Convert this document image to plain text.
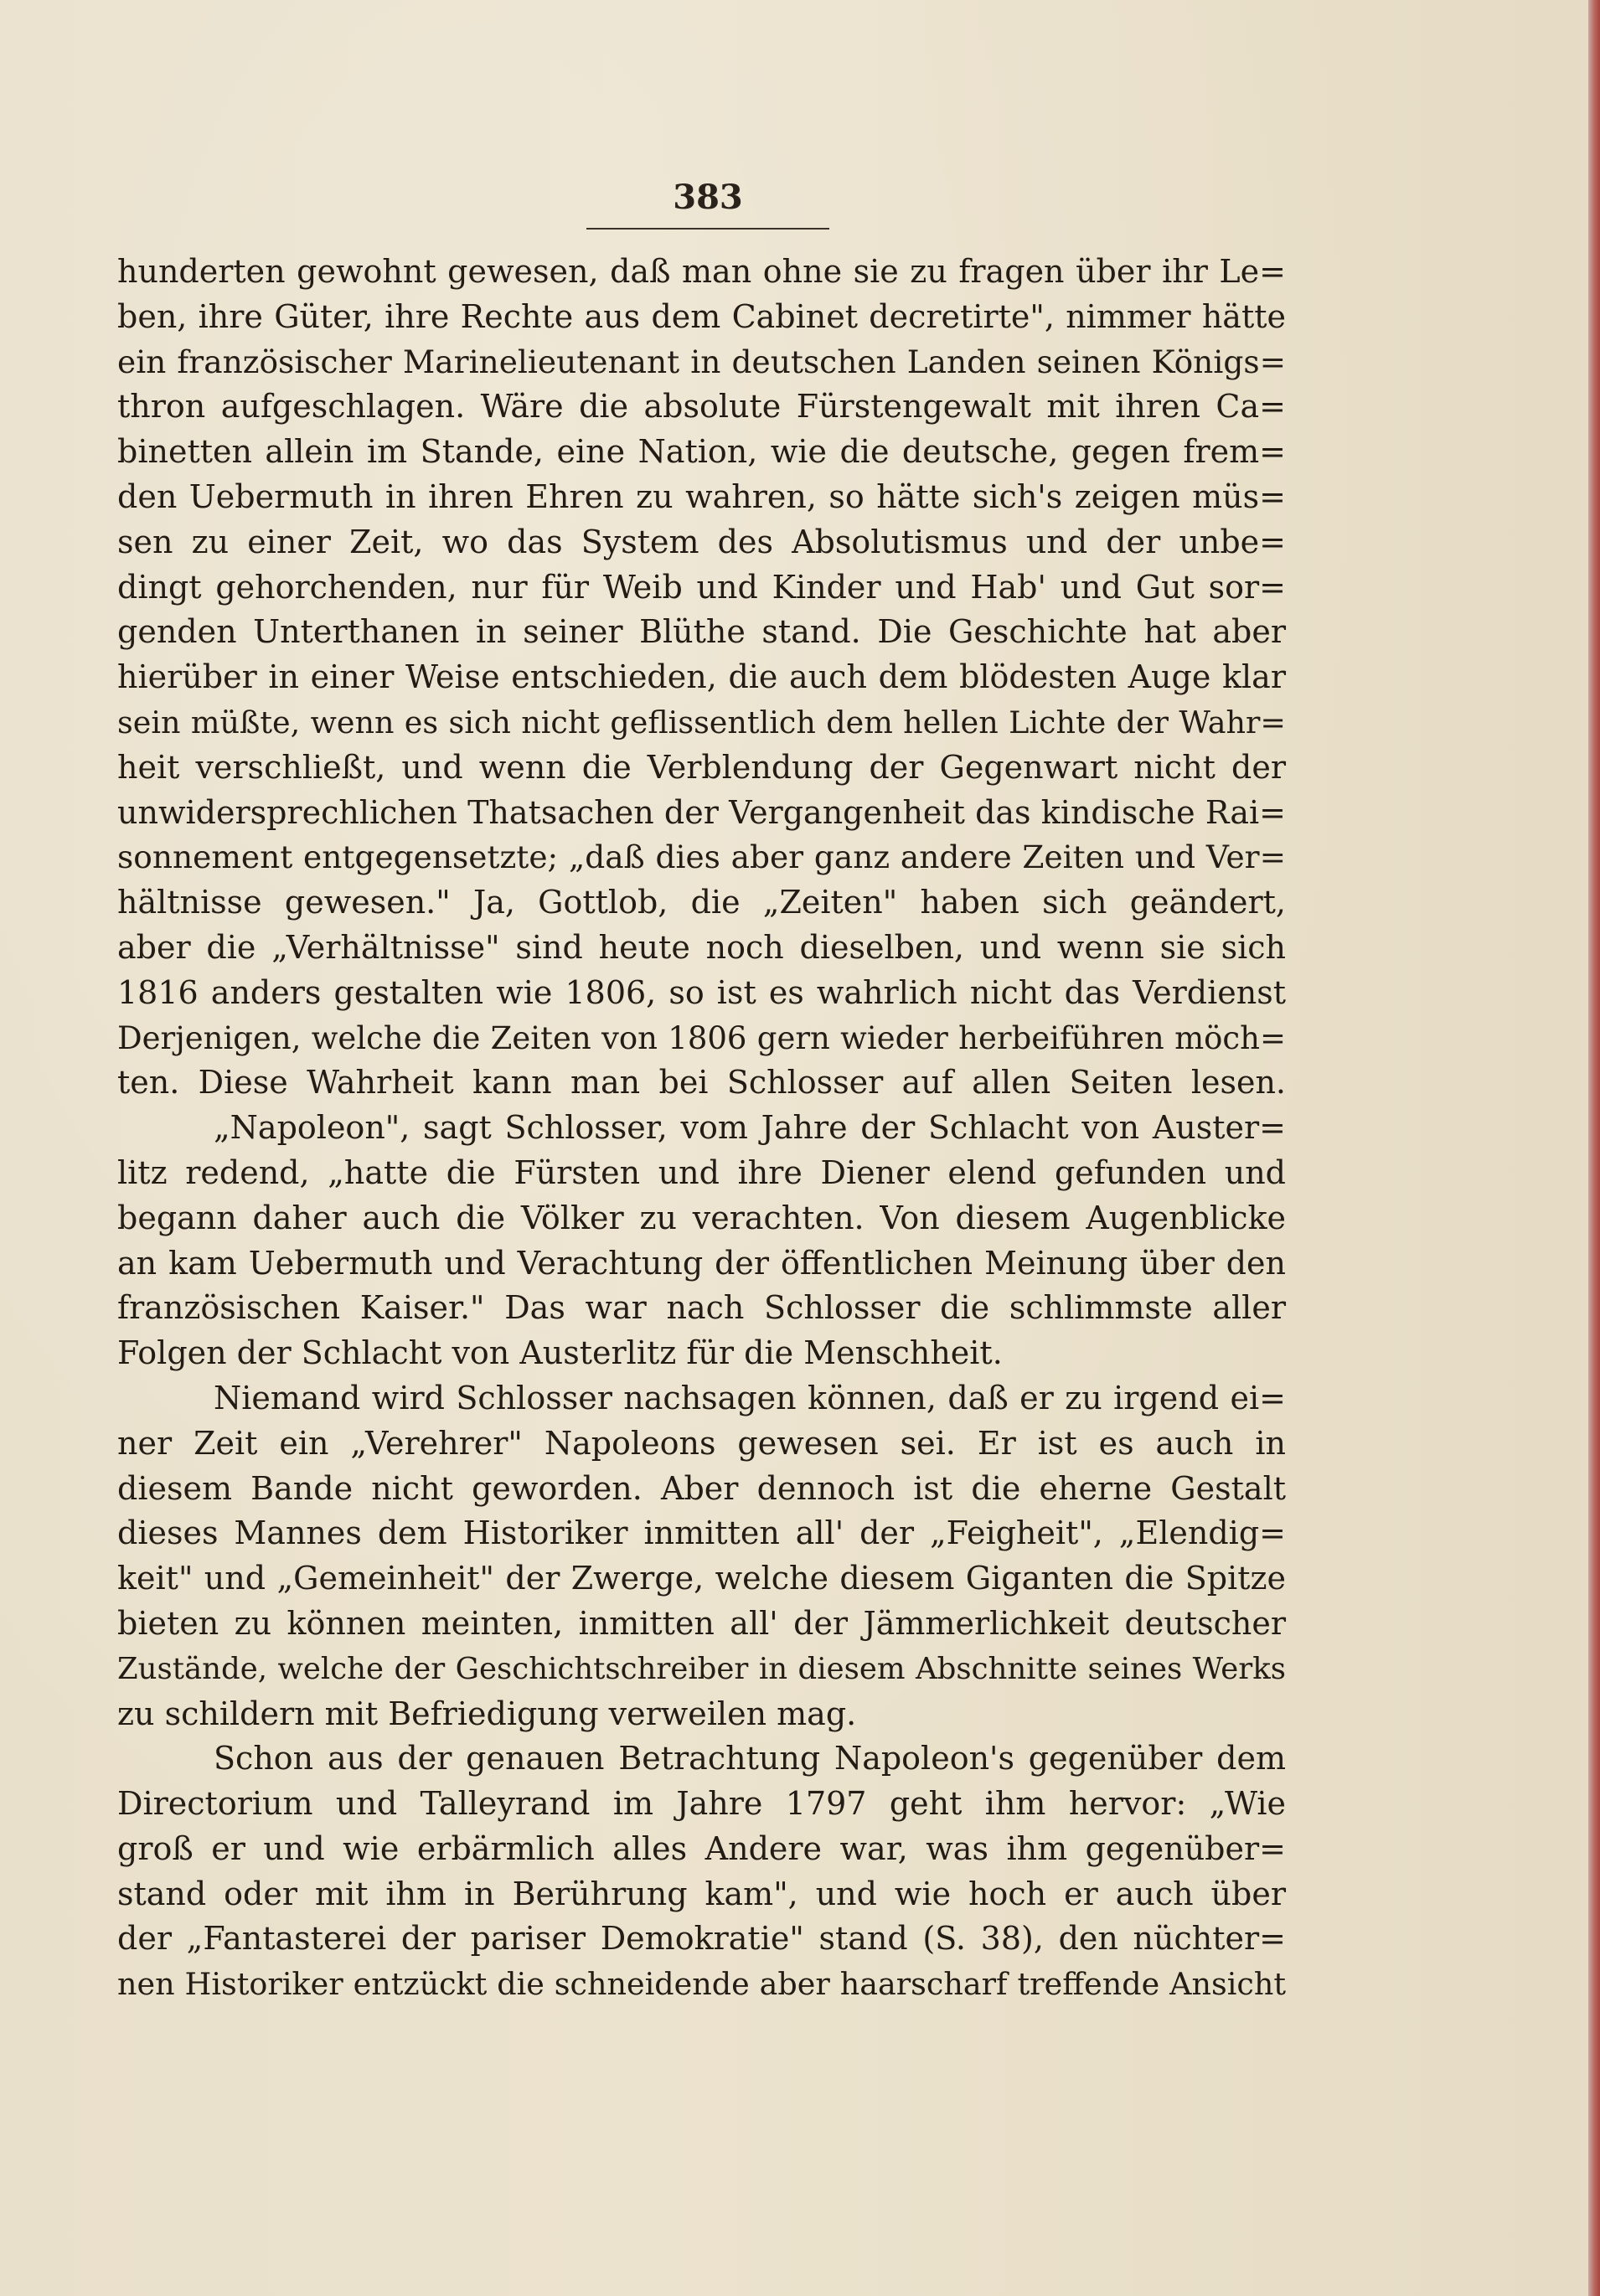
383
hunderten gewohnt gewesen, daß man ohne sie zu fragen über ihr Le=
ben, ihre Güter, ihre Rechte aus dem Cabinet decretirte", nimmer hätte
ein französischer Marinelieutenant in deutschen Landen seinen Königs=
thron aufgeschlagen. Wäre die absolute Fürstengewalt mit ihren Ca=
binetten allein im Stande, eine Nation, wie die deutsche, gegen frem=
den Uebermuth in ihren Ehren zu wahren, so hätte sich's zeigen müs=
sen zu einer Zeit, wo das System des Absolutismus und der unbe=
dingt gehorchenden, nur für Weib und Kinder und Hab' und Gut sor=
genden Unterthanen in seiner Blüthe stand. Die Geschichte hat aber
hierüber in einer Weise entschieden, die auch dem blödesten Auge klar
sein müßte, wenn es sich nicht geflissentlich dem hellen Lichte der Wahr=
heit verschließt, und wenn die Verblendung der Gegenwart nicht der
unwidersprechlichen Thatsachen der Vergangenheit das kindische Rai=
sonnement entgegensetzte; „daß dies aber ganz andere Zeiten und Ver=
hältnisse gewesen." Ja, Gottlob, die „Zeiten" haben sich geändert,
aber die „Verhältnisse" sind heute noch dieselben, und wenn sie sich
1816 anders gestalten wie 1806, so ist es wahrlich nicht das Verdienst
Derjenigen, welche die Zeiten von 1806 gern wieder herbeiführen möch=
ten. Diese Wahrheit kann man bei Schlosser auf allen Seiten lesen.
„Napoleon", sagt Schlosser, vom Jahre der Schlacht von Auster=
litz redend, „hatte die Fürsten und ihre Diener elend gefunden und
begann daher auch die Völker zu verachten. Von diesem Augenblicke
an kam Uebermuth und Verachtung der öffentlichen Meinung über den
französischen Kaiser." Das war nach Schlosser die schlimmste aller
Folgen der Schlacht von Austerlitz für die Menschheit.
Niemand wird Schlosser nachsagen können, daß er zu irgend ei=
ner Zeit ein „Verehrer" Napoleons gewesen sei. Er ist es auch in
diesem Bande nicht geworden. Aber dennoch ist die eherne Gestalt
dieses Mannes dem Historiker inmitten all' der „Feigheit", „Elendig=
keit" und „Gemeinheit" der Zwerge, welche diesem Giganten die Spitze
bieten zu können meinten, inmitten all' der Jämmerlichkeit deutscher
Zustände, welche der Geschichtschreiber in diesem Abschnitte seines Werks
zu schildern mit Befriedigung verweilen mag.
Schon aus der genauen Betrachtung Napoleon's gegenüber dem
Directorium und Talleyrand im Jahre 1797 geht ihm hervor: „Wie
groß er und wie erbärmlich alles Andere war, was ihm gegenüber=
stand oder mit ihm in Berührung kam", und wie hoch er auch über
der „Fantasterei der pariser Demokratie" stand (S. 38), den nüchter=
nen Historiker entzückt die schneidende aber haarscharf treffende Ansicht
